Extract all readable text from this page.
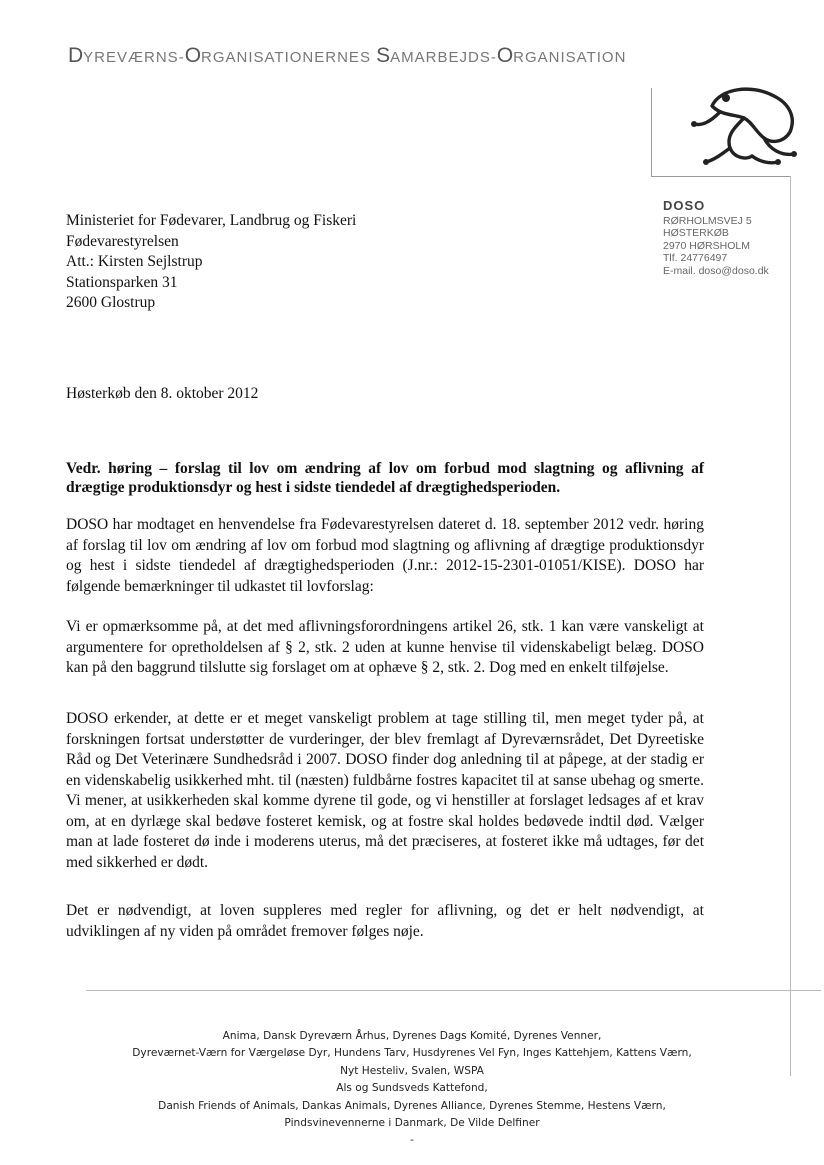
DYREVÆRNS-ORGANISATIONERNES SAMARBEJDS-ORGANISATION
DOSO
RØRHOLMSVEJ 5
HØSTERKØB
2970 HØRSHOLM
Tlf. 24776497
E-mail. doso@doso.dk
Ministeriet for Fødevarer, Landbrug og Fiskeri
Fødevarestyrelsen
Att.: Kirsten Sejlstrup
Stationsparken 31
2600 Glostrup
Høsterkøb den 8. oktober 2012
Vedr. høring – forslag til lov om ændring af lov om forbud mod slagtning og aflivning af drægtige produktionsdyr og hest i sidste tiendedel af drægtighedsperioden.
DOSO har modtaget en henvendelse fra Fødevarestyrelsen dateret d. 18. september 2012 vedr. høring af forslag til lov om ændring af lov om forbud mod slagtning og aflivning af drægtige produktionsdyr og hest i sidste tiendedel af drægtighedsperioden (J.nr.: 2012-15-2301-01051/KISE). DOSO har følgende bemærkninger til udkastet til lovforslag:
Vi er opmærksomme på, at det med aflivningsforordningens artikel 26, stk. 1 kan være vanskeligt at argumentere for opretholdelsen af § 2, stk. 2 uden at kunne henvise til videnskabeligt belæg. DOSO kan på den baggrund tilslutte sig forslaget om at ophæve § 2, stk. 2. Dog med en enkelt tilføjelse.
DOSO erkender, at dette er et meget vanskeligt problem at tage stilling til, men meget tyder på, at forskningen fortsat understøtter de vurderinger, der blev fremlagt af Dyreværnsrådet, Det Dyreetiske Råd og Det Veterinære Sundhedsråd i 2007. DOSO finder dog anledning til at påpege, at der stadig er en videnskabelig usikkerhed mht. til (næsten) fuldbårne fostres kapacitet til at sanse ubehag og smerte. Vi mener, at usikkerheden skal komme dyrene til gode, og vi henstiller at forslaget ledsages af et krav om, at en dyrlæge skal bedøve fosteret kemisk, og at fostre skal holdes bedøvede indtil død. Vælger man at lade fosteret dø inde i moderens uterus, må det præciseres, at fosteret ikke må udtages, før det med sikkerhed er dødt.
Det er nødvendigt, at loven suppleres med regler for aflivning, og det er helt nødvendigt, at udviklingen af ny viden på området fremover følges nøje.
Anima, Dansk Dyreværn Århus, Dyrenes Dags Komité, Dyrenes Venner,
Dyreværnet-Værn for Værgeløse Dyr, Hundens Tarv, Husdyrenes Vel Fyn, Inges Kattehjem, Kattens Værn,
Nyt Hesteliv, Svalen, WSPA
Als og Sundsveds Kattefond,
Danish Friends of Animals, Dankas Animals, Dyrenes Alliance, Dyrenes Stemme, Hestens Værn,
Pindsvinevennerne i Danmark, De Vilde Delfiner
-
